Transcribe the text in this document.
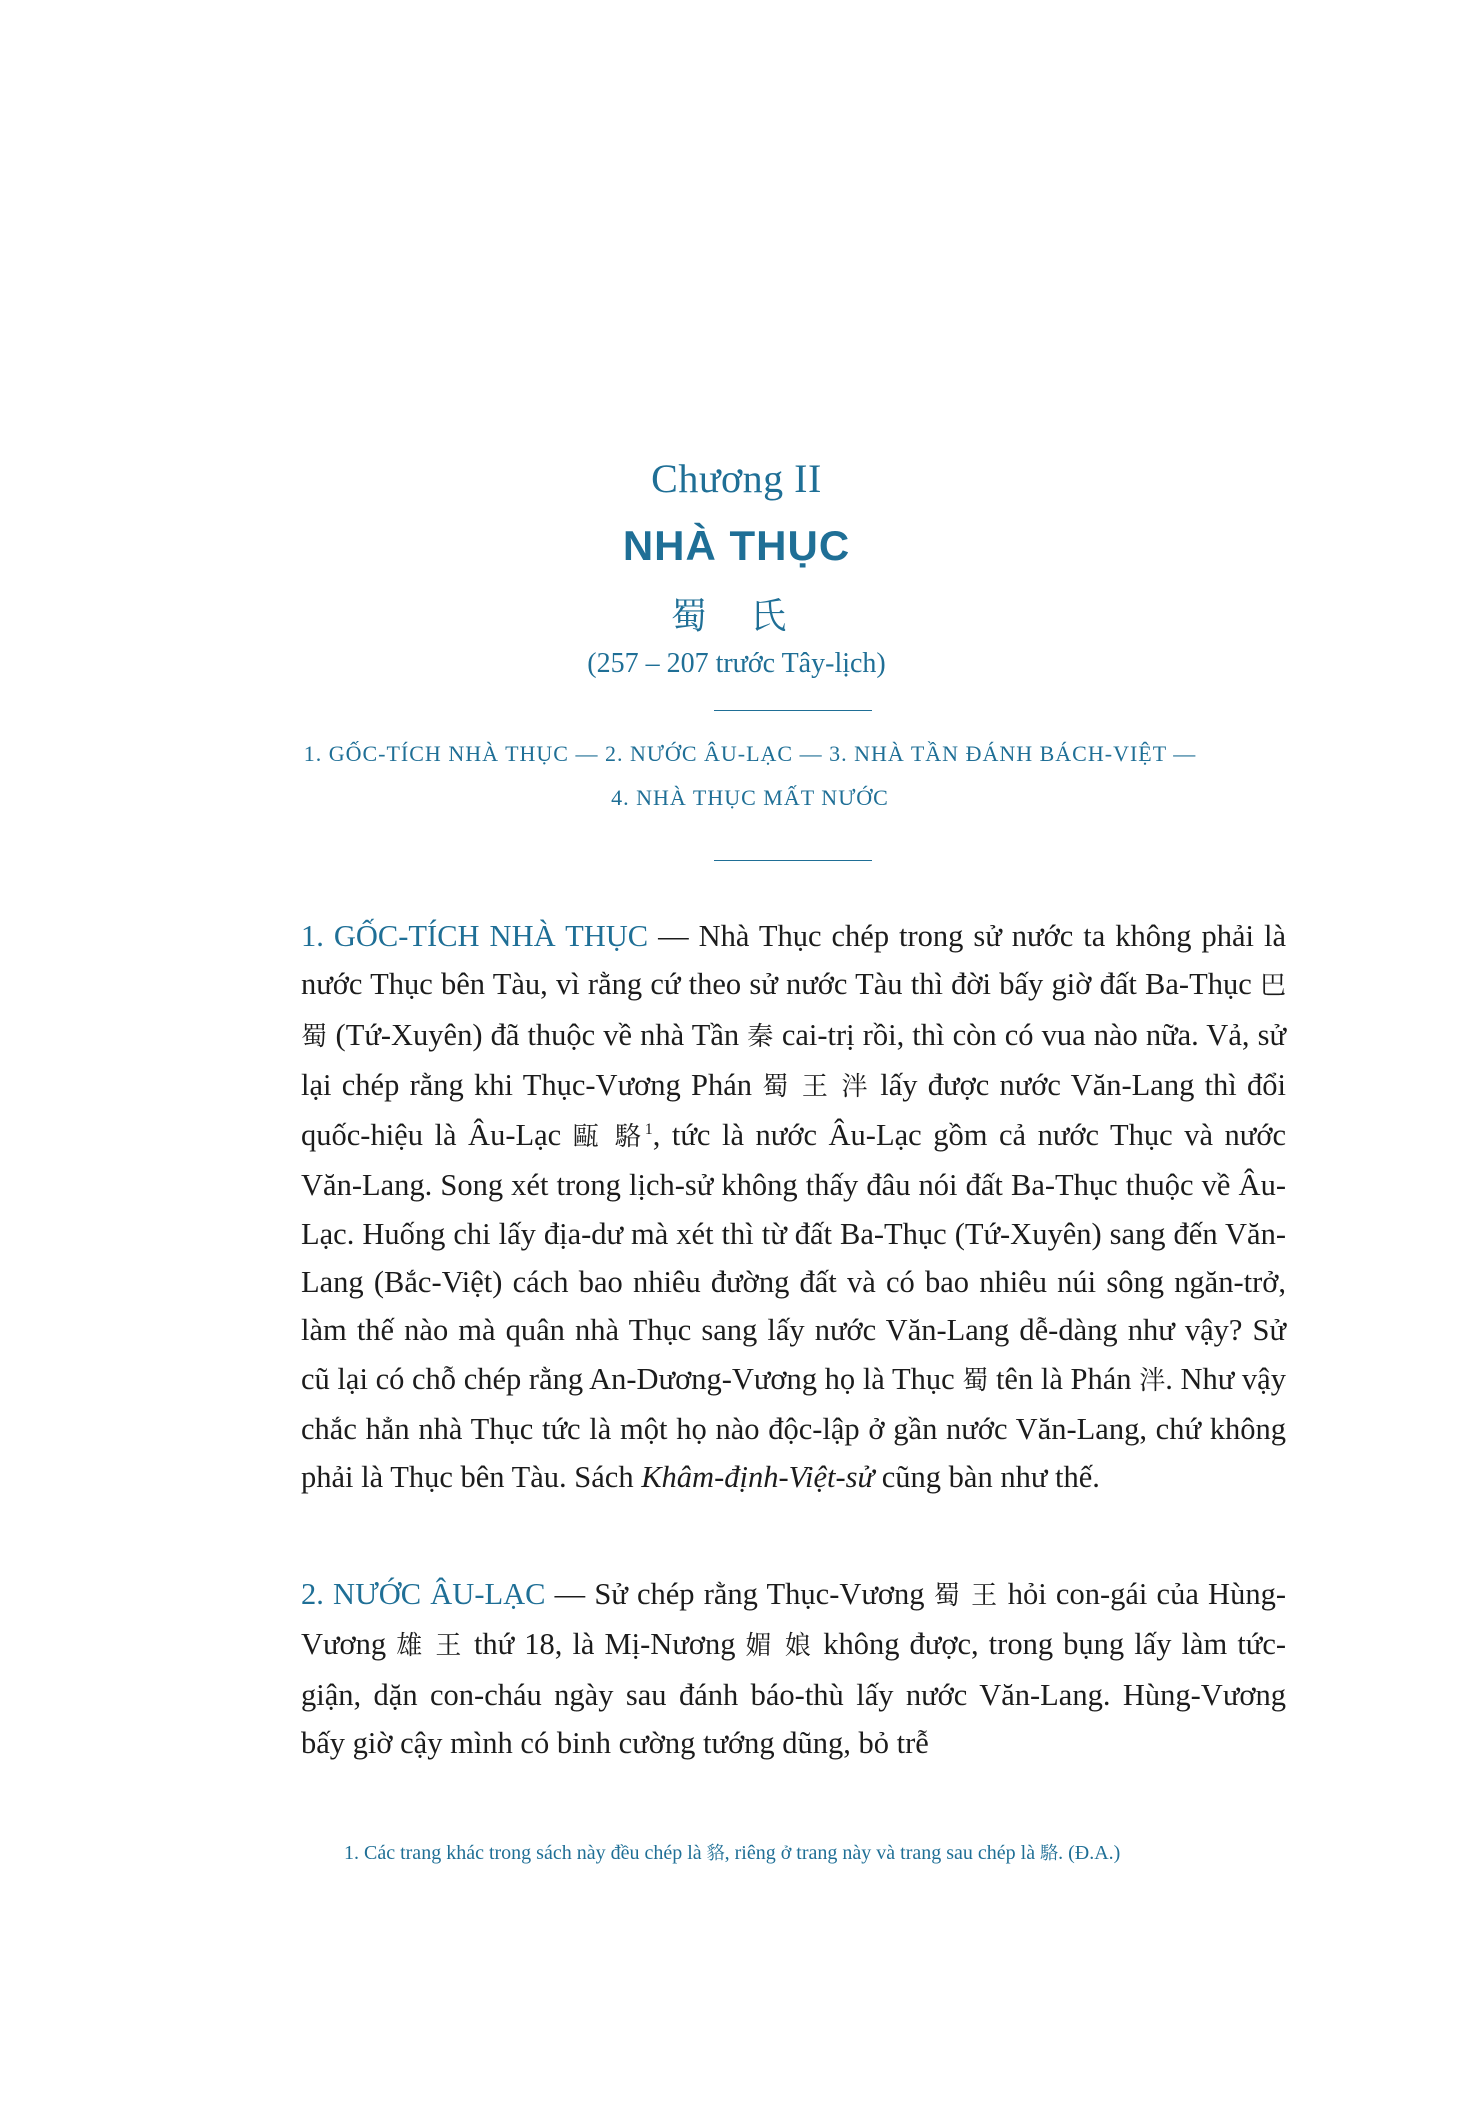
Chương II
NHÀ THỤC
蜀 氏
(257 – 207 trước Tây-lịch)
1. GỐC-TÍCH NHÀ THỤC — 2. NƯỚC ÂU-LẠC — 3. NHÀ TẦN ĐÁNH BÁCH-VIỆT —
4. NHÀ THỤC MẤT NƯỚC
1. GỐC-TÍCH NHÀ THỤC — Nhà Thục chép trong sử nước ta không phải là nước Thục bên Tàu, vì rằng cứ theo sử nước Tàu thì đời bấy giờ đất Ba-Thục 巴 蜀 (Tứ-Xuyên) đã thuộc về nhà Tần 秦 cai-trị rồi, thì còn có vua nào nữa. Vả, sử lại chép rằng khi Thục-Vương Phán 蜀 王 泮 lấy được nước Văn-Lang thì đổi quốc-hiệu là Âu-Lạc 甌 駱$^1$, tức là nước Âu-Lạc gồm cả nước Thục và nước Văn-Lang. Song xét trong lịch-sử không thấy đâu nói đất Ba-Thục thuộc về Âu-Lạc. Huống chi lấy địa-dư mà xét thì từ đất Ba-Thục (Tứ-Xuyên) sang đến Văn-Lang (Bắc-Việt) cách bao nhiêu đường đất và có bao nhiêu núi sông ngăn-trở, làm thế nào mà quân nhà Thục sang lấy nước Văn-Lang dễ-dàng như vậy? Sử cũ lại có chỗ chép rằng An-Dương-Vương họ là Thục 蜀 tên là Phán 泮. Như vậy chắc hẳn nhà Thục tức là một họ nào độc-lập ở gần nước Văn-Lang, chứ không phải là Thục bên Tàu. Sách Khâm-định-Việt-sử cũng bàn như thế.
2. NƯỚC ÂU-LẠC — Sử chép rằng Thục-Vương 蜀 王 hỏi con-gái của Hùng-Vương 雄 王 thứ 18, là Mị-Nương 媚 娘 không được, trong bụng lấy làm tức-giận, dặn con-cháu ngày sau đánh báo-thù lấy nước Văn-Lang. Hùng-Vương bấy giờ cậy mình có binh cường tướng dũng, bỏ trễ
1. Các trang khác trong sách này đều chép là 貉, riêng ở trang này và trang sau chép là 駱. (Đ.A.)
